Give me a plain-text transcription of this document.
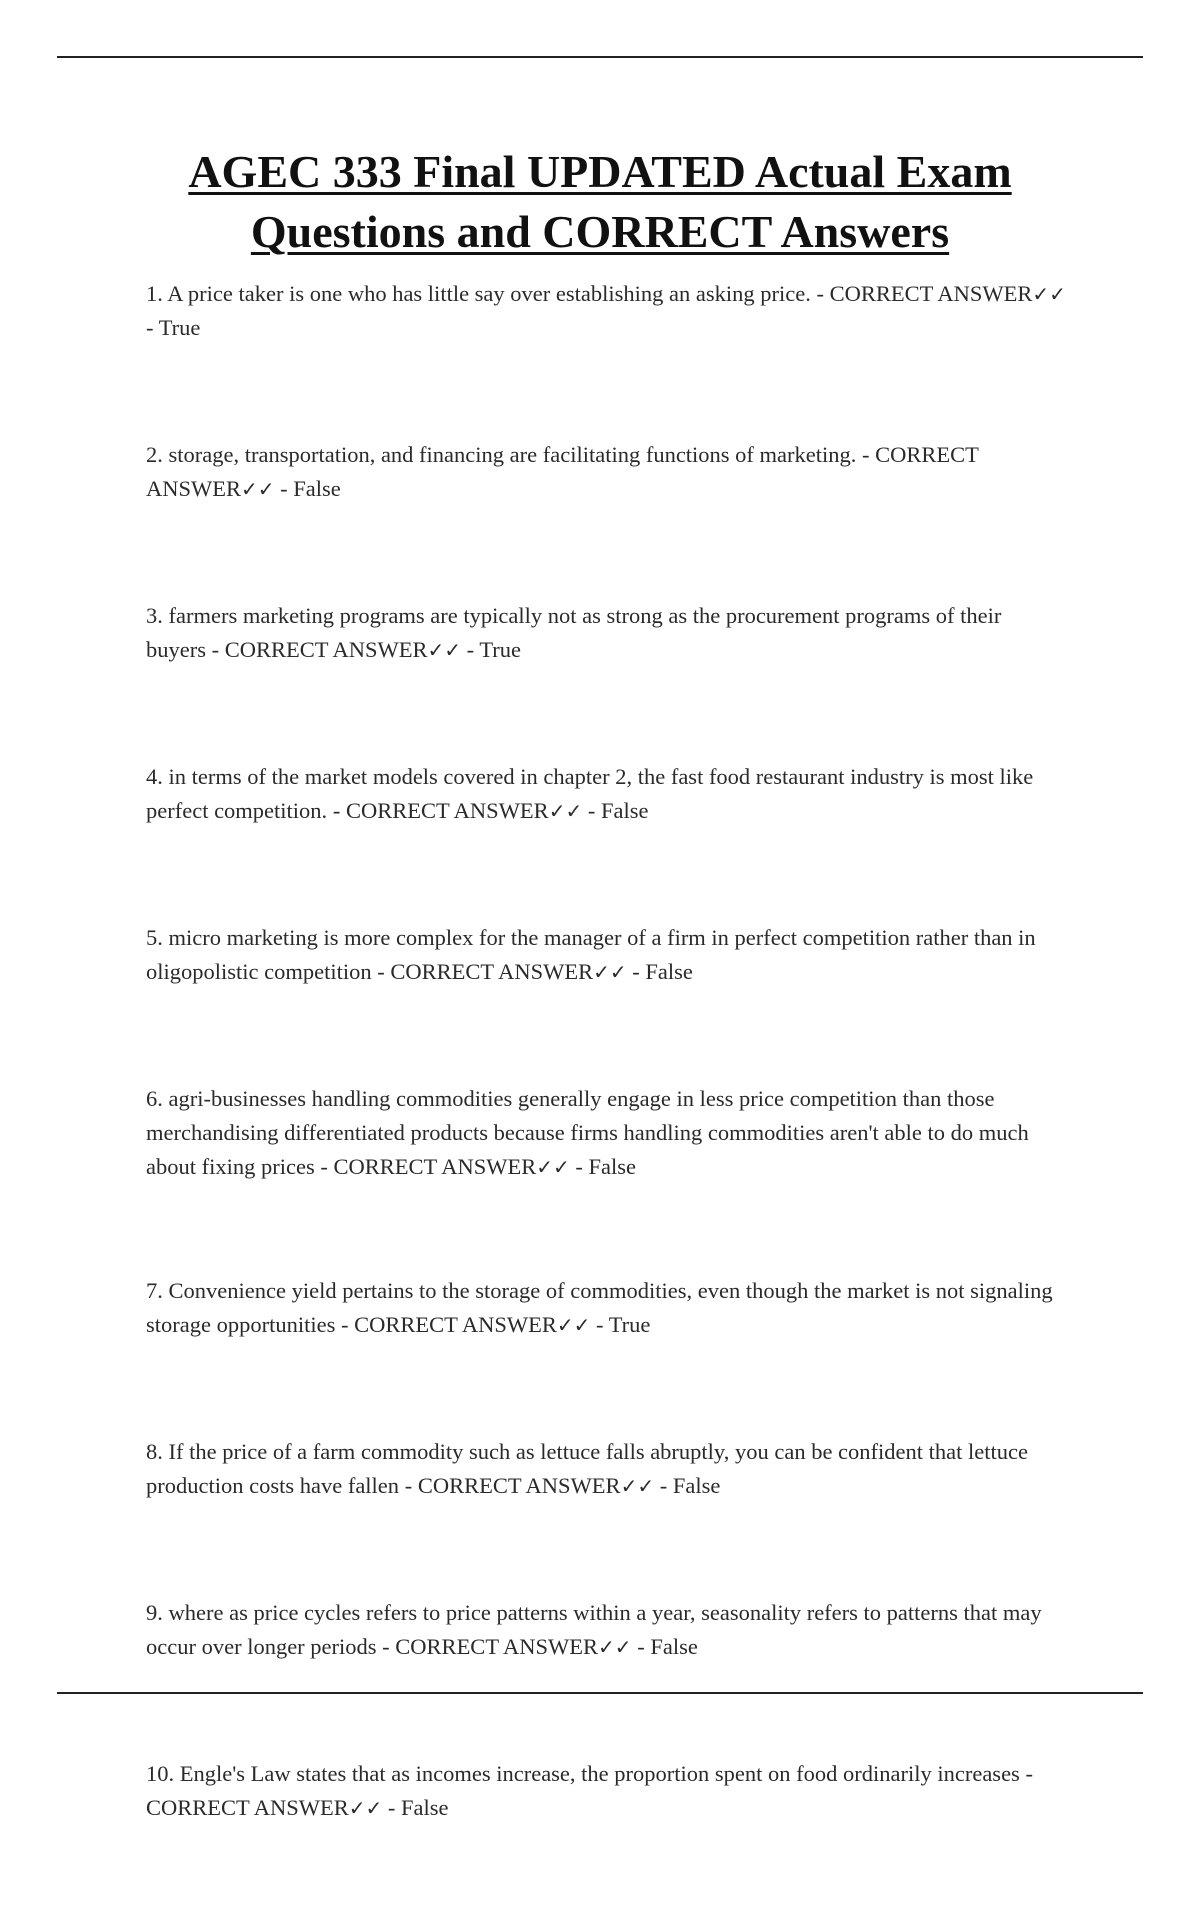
AGEC 333 Final UPDATED Actual Exam
Questions and CORRECT Answers
1. A price taker is one who has little say over establishing an asking price. - CORRECT ANSWER✓✓ - True
2. storage, transportation, and financing are facilitating functions of marketing. - CORRECT ANSWER✓✓ - False
3. farmers marketing programs are typically not as strong as the procurement programs of their buyers - CORRECT ANSWER✓✓ - True
4. in terms of the market models covered in chapter 2, the fast food restaurant industry is most like perfect competition. - CORRECT ANSWER✓✓ - False
5. micro marketing is more complex for the manager of a firm in perfect competition rather than in oligopolistic competition - CORRECT ANSWER✓✓ - False
6. agri-businesses handling commodities generally engage in less price competition than those merchandising differentiated products because firms handling commodities aren't able to do much about fixing prices - CORRECT ANSWER✓✓ - False
7. Convenience yield pertains to the storage of commodities, even though the market is not signaling storage opportunities - CORRECT ANSWER✓✓ - True
8. If the price of a farm commodity such as lettuce falls abruptly, you can be confident that lettuce production costs have fallen - CORRECT ANSWER✓✓ - False
9. where as price cycles refers to price patterns within a year, seasonality refers to patterns that may occur over longer periods - CORRECT ANSWER✓✓ - False
10. Engle's Law states that as incomes increase, the proportion spent on food ordinarily increases - CORRECT ANSWER✓✓ - False
